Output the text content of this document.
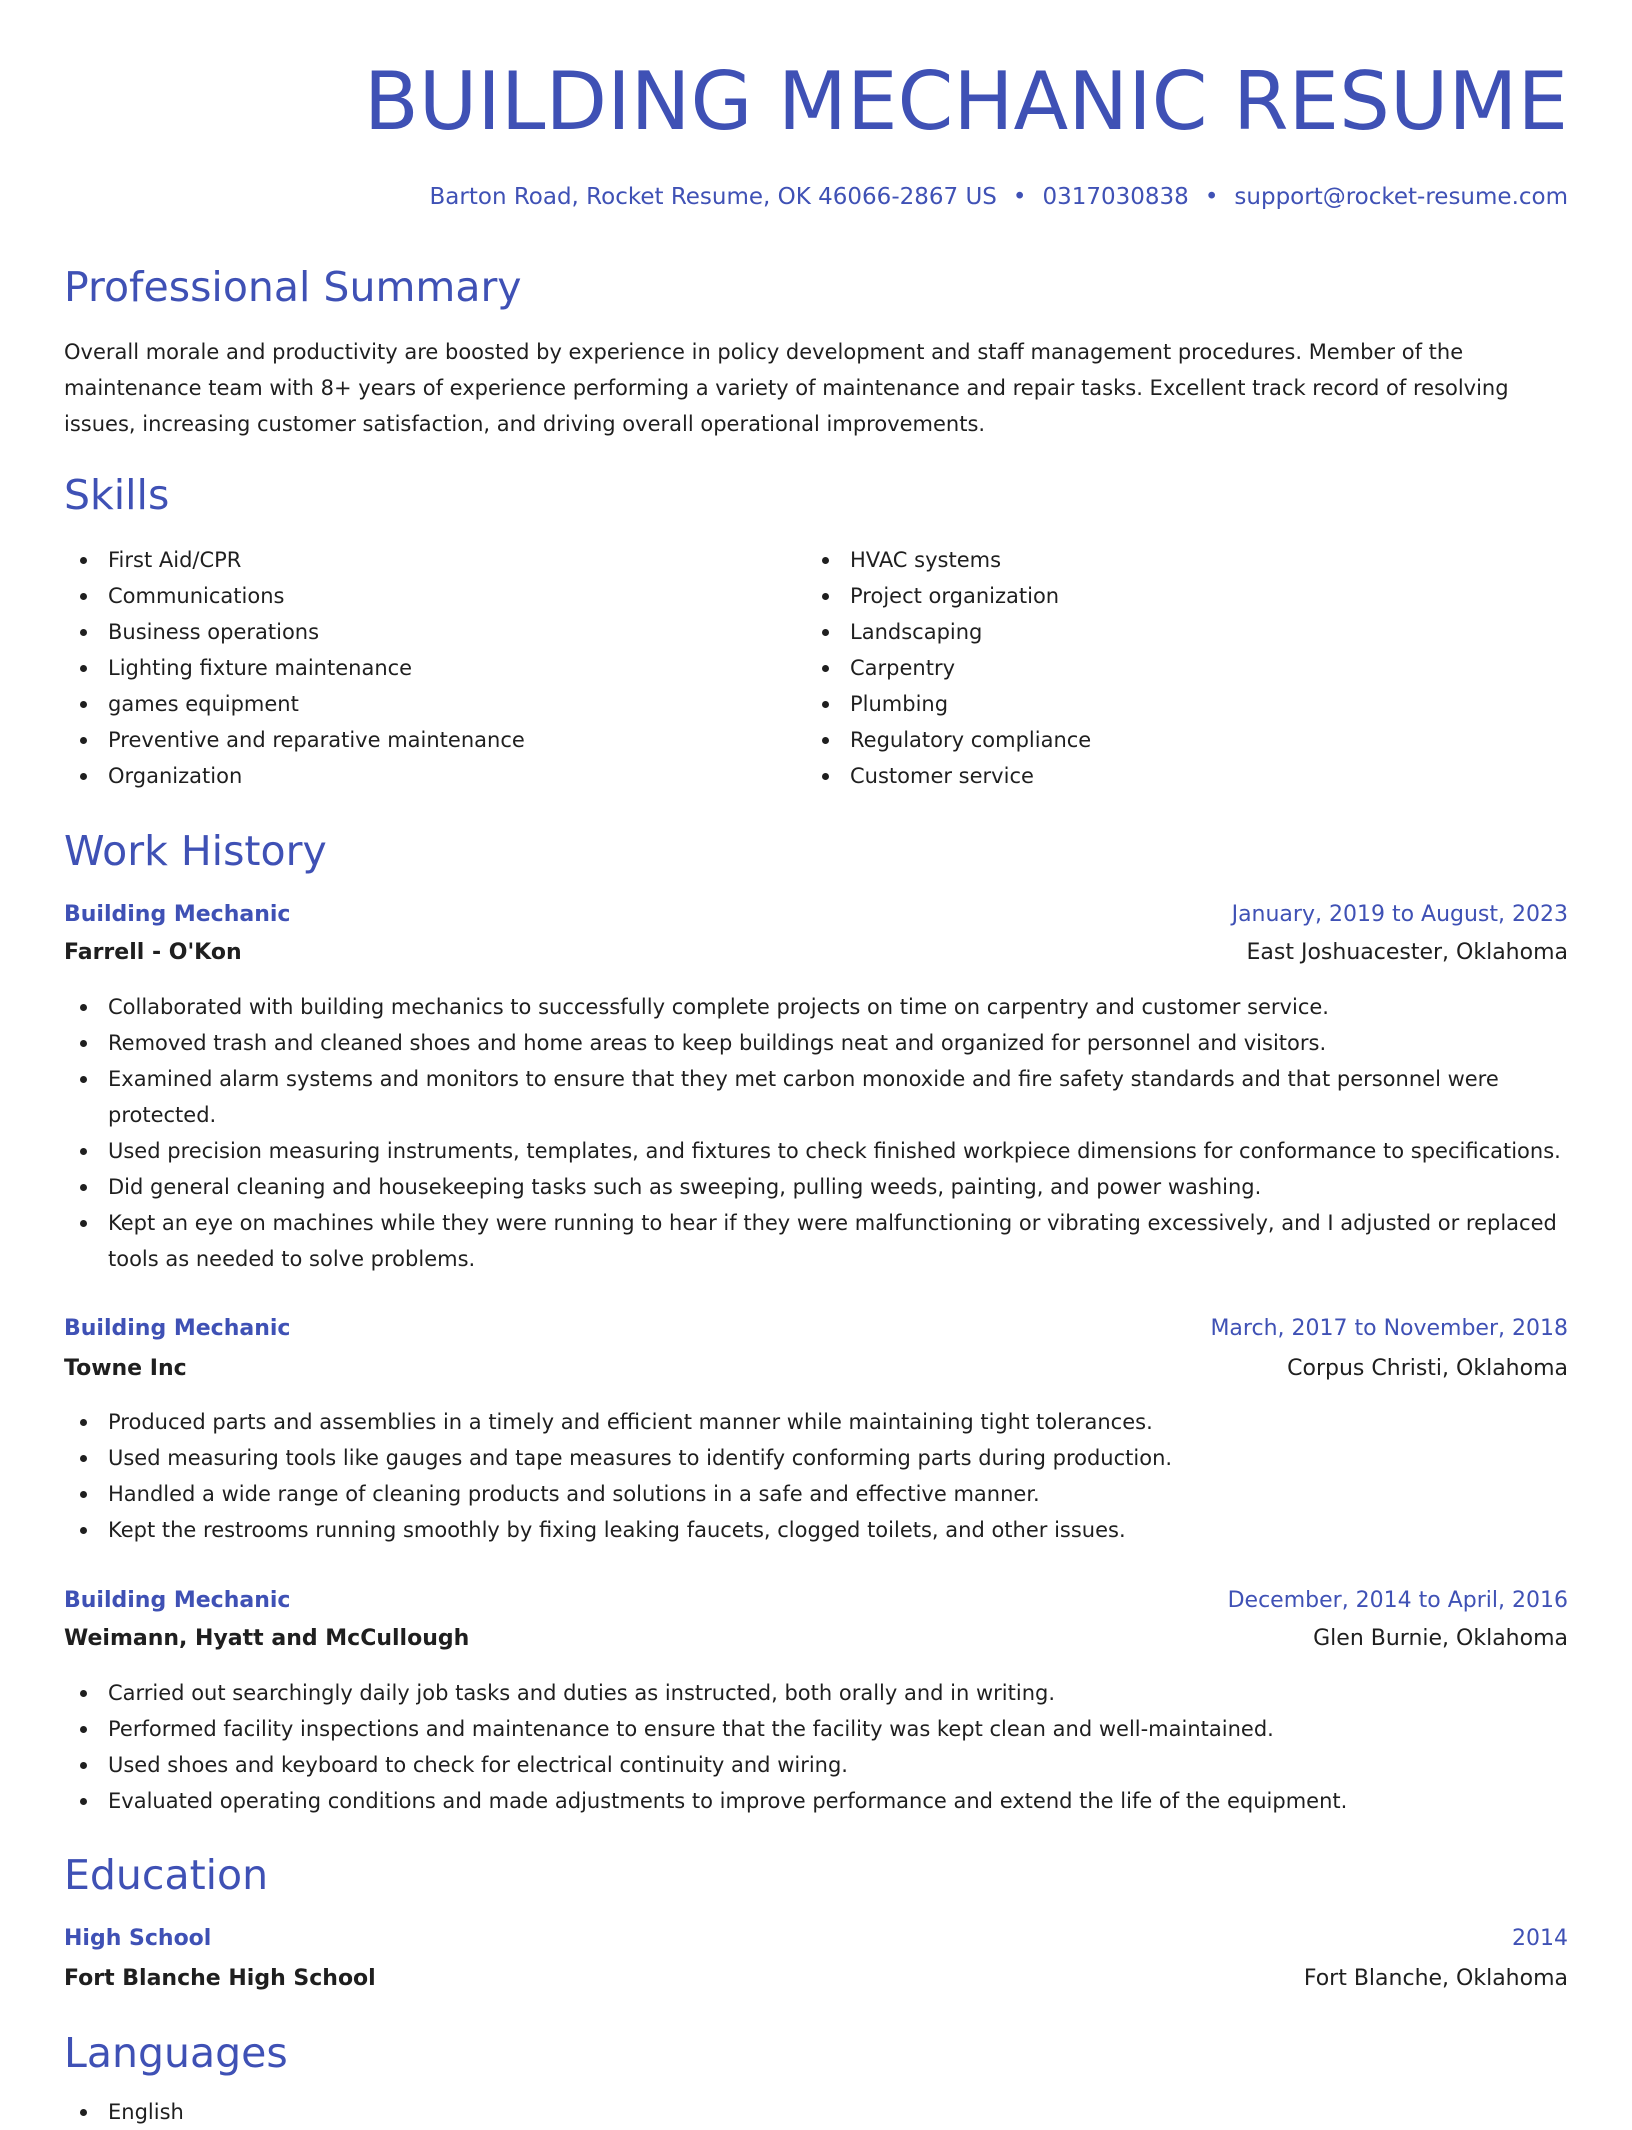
BUILDING MECHANIC RESUME
Barton Road, Rocket Resume, OK 46066-2867 US • 0317030838 • support@rocket-resume.com
Professional Summary

Overall morale and productivity are boosted by experience in policy development and staff management procedures. Member of the maintenance team with 8+ years of experience performing a variety of maintenance and repair tasks. Excellent track record of resolving issues, increasing customer satisfaction, and driving overall operational improvements.

Skills
First Aid/CPR
Communications
Business operations
Lighting fixture maintenance
games equipment
Preventive and reparative maintenance
Organization
HVAC systems
Project organization
Landscaping
Carpentry
Plumbing
Regulatory compliance
Customer service
Work History
Building Mechanic	January, 2019 to August, 2023
Farrell - O'Kon	East Joshuacester, Oklahoma
Collaborated with building mechanics to successfully complete projects on time on carpentry and customer service.
Removed trash and cleaned shoes and home areas to keep buildings neat and organized for personnel and visitors.
Examined alarm systems and monitors to ensure that they met carbon monoxide and fire safety standards and that personnel were protected.
Used precision measuring instruments, templates, and fixtures to check finished workpiece dimensions for conformance to specifications.
Did general cleaning and housekeeping tasks such as sweeping, pulling weeds, painting, and power washing.
Kept an eye on machines while they were running to hear if they were malfunctioning or vibrating excessively, and I adjusted or replaced tools as needed to solve problems.
Building Mechanic	March, 2017 to November, 2018
Towne Inc	Corpus Christi, Oklahoma
Produced parts and assemblies in a timely and efficient manner while maintaining tight tolerances.
Used measuring tools like gauges and tape measures to identify conforming parts during production.
Handled a wide range of cleaning products and solutions in a safe and effective manner.
Kept the restrooms running smoothly by fixing leaking faucets, clogged toilets, and other issues.
Building Mechanic	December, 2014 to April, 2016
Weimann, Hyatt and McCullough	Glen Burnie, Oklahoma
Carried out searchingly daily job tasks and duties as instructed, both orally and in writing.
Performed facility inspections and maintenance to ensure that the facility was kept clean and well-maintained.
Used shoes and keyboard to check for electrical continuity and wiring.
Evaluated operating conditions and made adjustments to improve performance and extend the life of the equipment.
Education
High School	2014
Fort Blanche High School	Fort Blanche, Oklahoma
Languages
English
